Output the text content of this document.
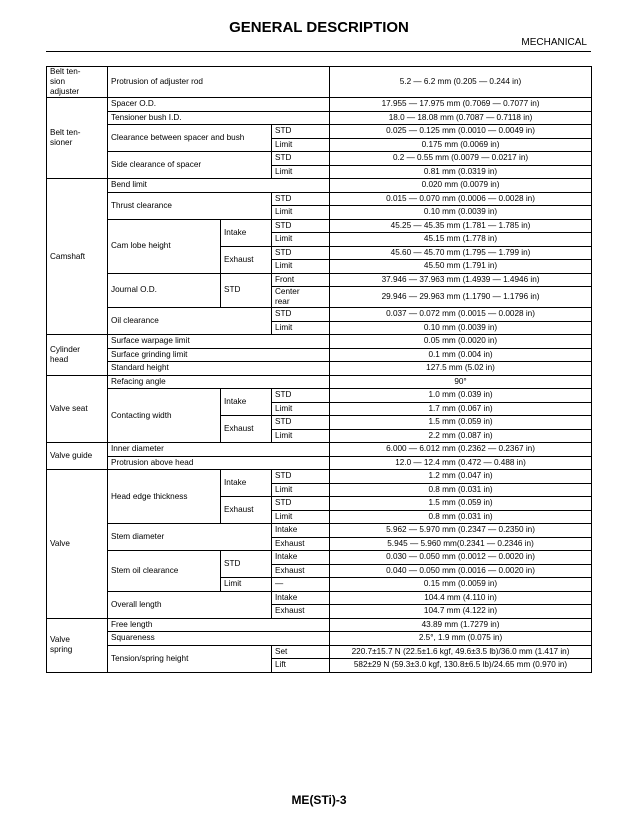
GENERAL DESCRIPTION
MECHANICAL
Belt ten-
sion
adjuster	Protrusion of adjuster rod			5.2 — 6.2 mm (0.205 — 0.244 in)
Belt ten-
sioner	Spacer O.D.			17.955 — 17.975 mm (0.7069 — 0.7077 in)
	Tensioner bush I.D.			18.0 — 18.08 mm (0.7087 — 0.7118 in)
	Clearance between spacer and bush		STD	0.025 — 0.125 mm (0.0010 — 0.0049 in)
			Limit	0.175 mm (0.0069 in)
	Side clearance of spacer		STD	0.2 — 0.55 mm (0.0079 — 0.0217 in)
			Limit	0.81 mm (0.0319 in)
Camshaft	Bend limit			0.020 mm (0.0079 in)
	Thrust clearance		STD	0.015 — 0.070 mm (0.0006 — 0.0028 in)
			Limit	0.10 mm (0.0039 in)
	Cam lobe height	Intake	STD	45.25 — 45.35 mm (1.781 — 1.785 in)
			Limit	45.15 mm (1.778 in)
		Exhaust	STD	45.60 — 45.70 mm (1.795 — 1.799 in)
			Limit	45.50 mm (1.791 in)
	Journal O.D.	STD	Front	37.946 — 37.963 mm (1.4939 — 1.4946 in)
			Center
rear	29.946 — 29.963 mm (1.1790 — 1.1796 in)

	Oil clearance		STD	0.037 — 0.072 mm (0.0015 — 0.0028 in)
			Limit	0.10 mm (0.0039 in)
Cylinder
head	Surface warpage limit			0.05 mm (0.0020 in)
	Surface grinding limit			0.1 mm (0.004 in)
	Standard height			127.5 mm (5.02 in)
Valve seat	Refacing angle			90°
	Contacting width	Intake	STD	1.0 mm (0.039 in)
			Limit	1.7 mm (0.067 in)
		Exhaust	STD	1.5 mm (0.059 in)
			Limit	2.2 mm (0.087 in)
Valve guide	Inner diameter			6.000 — 6.012 mm (0.2362 — 0.2367 in)
	Protrusion above head			12.0 — 12.4 mm (0.472 — 0.488 in)
Valve	Head edge thickness	Intake	STD	1.2 mm (0.047 in)
			Limit	0.8 mm (0.031 in)
		Exhaust	STD	1.5 mm (0.059 in)
			Limit	0.8 mm (0.031 in)
	Stem diameter		Intake	5.962 — 5.970 mm (0.2347 — 0.2350 in)
			Exhaust	5.945 — 5.960 mm(0.2341 — 0.2346 in)
	Stem oil clearance	STD	Intake	0.030 — 0.050 mm (0.0012 — 0.0020 in)
			Exhaust	0.040 — 0.050 mm (0.0016 — 0.0020 in)
		Limit	—	0.15 mm (0.0059 in)
	Overall length		Intake	104.4 mm (4.110 in)
			Exhaust	104.7 mm (4.122 in)
Valve
spring	Free length			43.89 mm (1.7279 in)
	Squareness			2.5°, 1.9 mm (0.075 in)
	Tension/spring height		Set	220.7±15.7 N (22.5±1.6 kgf, 49.6±3.5 lb)/36.0 mm (1.417 in)
			Lift	582±29 N (59.3±3.0 kgf, 130.8±6.5 lb)/24.65 mm (0.970 in)
ME(STi)-3
